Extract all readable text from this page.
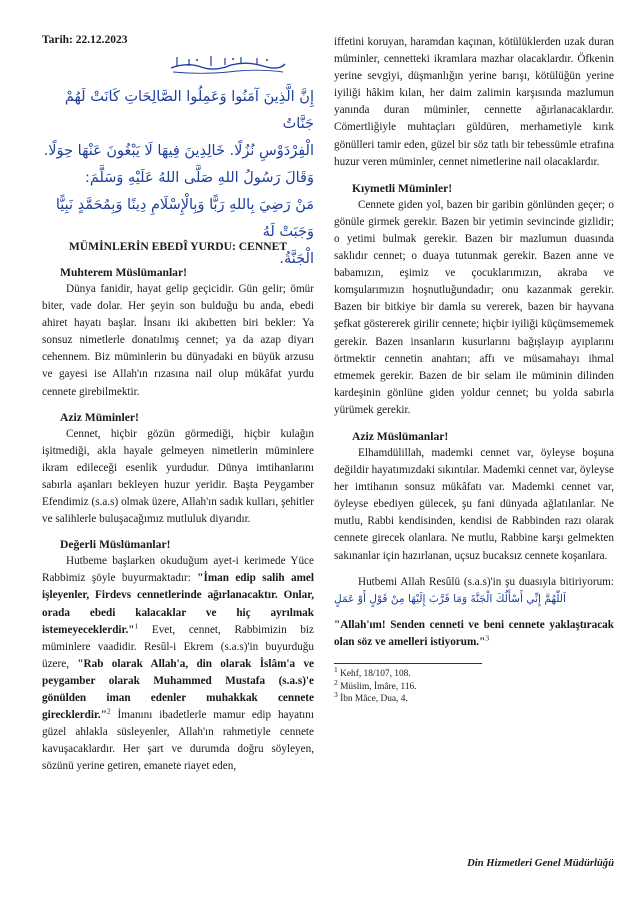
Tarih: 22.12.2023
إِنَّ الَّذِينَ آمَنُوا وَعَمِلُوا الصَّالِحَاتِ كَانَتْ لَهُمْ جَنَّاتُ
الْفِرْدَوْسِ نُزُلًا. خَالِدِينَ فِيهَا لَا يَبْغُونَ عَنْهَا حِوَلًا.
وَقَالَ رَسُولُ اللهِ صَلَّى اللهُ عَلَيْهِ وَسَلَّمَ:
مَنْ رَضِيَ بِاللهِ رَبًّا وَبِالْإِسْلَامِ دِينًا وَبِمُحَمَّدٍ نَبِيًّا وَجَبَتْ لَهُ
الْجَنَّةُ.
MÜMİNLERİN EBEDÎ YURDU: CENNET
Muhterem Müslümanlar!

Dünya fanidir, hayat gelip geçicidir. Gün gelir; ömür biter, vade dolar. Her şeyin son bulduğu bu anda, ebedi ahiret hayatı başlar. İnsanı iki akıbetten biri bekler: Ya sonsuz nimetlerle donatılmış cennet; ya da azap diyarı cehennem. Biz müminlerin bu dünyadaki en büyük arzusu ve gayesi ise Allah'ın rızasına nail olup mükâfat yurdu cennete girebilmektir.

Aziz Müminler!

Cennet, hiçbir gözün görmediği, hiçbir kulağın işitmediği, akla hayale gelmeyen nimetlerin müminlere ikram edileceği esenlik yurdudur. Dünya imtihanlarını sabırla aşanları bekleyen huzur yeridir. Başta Peygamber Efendimiz (s.a.s) olmak üzere, Allah'ın sadık kulları, şehitler ve salihlerle buluşacağımız mutluluk diyarıdır.

Değerli Müslümanlar!

Hutbeme başlarken okuduğum ayet-i kerimede Yüce Rabbimiz şöyle buyurmaktadır: "İman edip salih amel işleyenler, Firdevs cennetlerinde ağırlanacaktır. Onlar, orada ebedi kalacaklar ve hiç ayrılmak istemeyeceklerdir."$^1$ Evet, cennet, Rabbimizin biz müminlere vaadidir. Resûl-i Ekrem (s.a.s)'in buyurduğu üzere, "Rab olarak Allah'a, din olarak İslâm'a ve peygamber olarak Muhammed Mustafa (s.a.s)'e gönülden iman edenler muhakkak cennete girecklerdir."$^2$ İmanını ibadetlerle mamur edip hayatını güzel ahlakla süsleyenler, Allah'ın rahmetiyle cennete kavuşacaklardır. Her şart ve durumda doğru söyleyen, sözünü yerine getiren, emanete riayet eden,

iffetini koruyan, haramdan kaçınan, kötülüklerden uzak duran müminler, cennetteki ikramlara mazhar olacaklardır. Öfkenin yerine sevgiyi, düşmanlığın yerine barışı, kötülüğün yerine iyiliği hâkim kılan, her daim zalimin karşısında mazlumun yanında duran müminler, cennette ağırlanacaklardır. Cömertliğiyle muhtaçları güldüren, merhametiyle kırık gönülleri tamir eden, güzel bir söz tatlı bir tebessümle etrafına huzur veren müminler, cennet nimetlerine nail olacaklardır.

Kıymetli Müminler!

Cennete giden yol, bazen bir garibin gönlünden geçer; o gönüle girmek gerekir. Bazen bir yetimin sevincinde gizlidir; o yetimi bulmak gerekir. Bazen bir mazlumun duasında saklıdır cennet; o duaya tutunmak gerekir. Bazen anne ve babamızın, eşimiz ve çocuklarımızın, akraba ve komşularımızın hoşnutluğundadır; onu kazanmak gerekir. Bazen bir bitkiye bir damla su vererek, bazen bir hayvana şefkat göstererek girilir cennete; hiçbir iyiliği küçümsememek gerekir. Bazen insanların kusurlarını bağışlayıp ayıplarını örtmektir cennetin anahtarı; affı ve müsamahayı ihmal etmemek gerekir. Bazen de bir selam ile müminin dilinden kardeşinin gönlüne giden yoldur cennet; bu yolda sabırla yürümek gerekir.

Aziz Müslümanlar!

Elhamdülillah, mademki cennet var, öyleyse boşuna değildir hayatımızdaki sıkıntılar. Mademki cennet var, öyleyse her imtihanın sonsuz mükâfatı var. Mademki cennet var, öyleyse ebediyen gülecek, şu fani dünyada ağlatılanlar. Ne mutlu, Rabbi kendisinden, kendisi de Rabbinden razı olarak cennete girecek olanlara. Ne mutlu, Rabbine karşı gelmekten sakınanlar için hazırlanan, uçsuz bucaksız cennete koşanlara.

Hutbemi Allah Resûlü (s.a.s)'in şu duasıyla bitiriyorum: اَللّٰهُمَّ إِنِّي أَسْأَلُكَ الْجَنَّةَ وَمَا قَرَّبَ إِلَيْهَا مِنْ قَوْلٍ أَوْ عَمَلٍ

"Allah'ım! Senden cenneti ve beni cennete yaklaştıracak olan söz ve amelleri istiyorum."$^3$

$^1$ Kehf, 18/107, 108.
$^2$ Müslim, İmâre, 116.
$^3$ İbn Mâce, Dua, 4.
Din Hizmetleri Genel Müdürlüğü
